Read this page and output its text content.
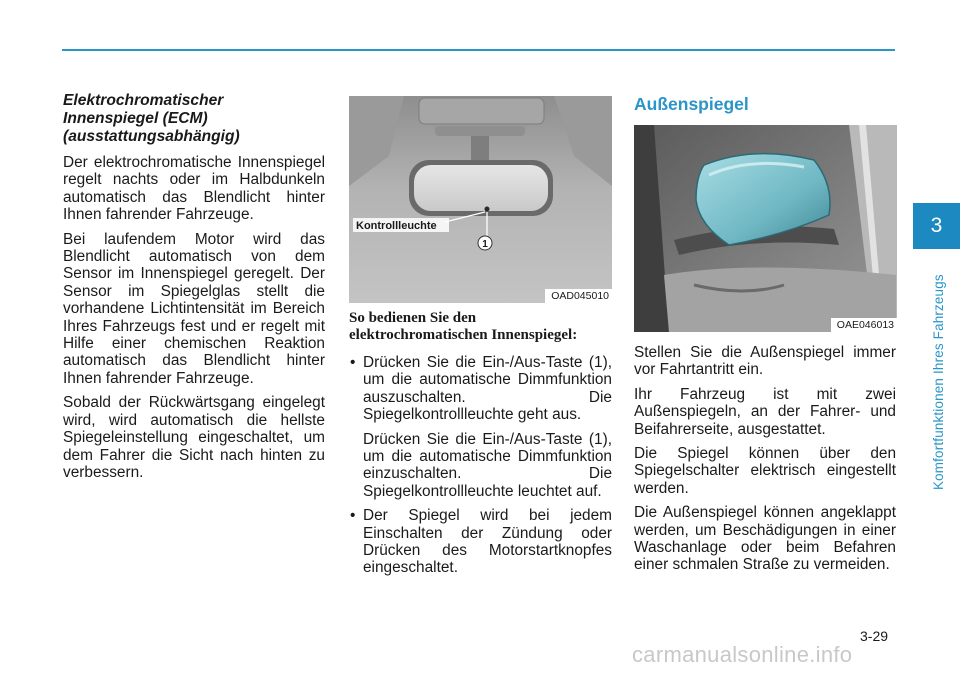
Elektrochromatischer
Innenspiegel (ECM)
(ausstattungsabhängig)

Der elektrochromatische Innenspiegel regelt nachts oder im Halbdunkeln automatisch das Blendlicht hinter Ihnen fahrender Fahrzeuge.

Bei laufendem Motor wird das Blendlicht automatisch von dem Sensor im Innenspiegel geregelt. Der Sensor im Spiegelglas stellt die vorhandene Lichtintensität im Bereich Ihres Fahrzeugs fest und er regelt mit Hilfe einer chemischen Reaktion automatisch das Blendlicht hinter Ihnen fahrender Fahrzeuge.

Sobald der Rückwärtsgang eingelegt wird, wird automatisch die hellste Spiegeleinstellung eingeschaltet, um dem Fahrer die Sicht nach hinten zu verbessern.

1
Kontrollleuchte
OAD045010
So bedienen Sie den
elektrochromatischen Innenspiegel:
• Drücken Sie die Ein-/Aus-Taste (1), um die automatische Dimmfunktion auszuschalten. Die Spiegelkontrollleuchte geht aus.
Drücken Sie die Ein-/Aus-Taste (1), um die automatische Dimmfunktion einzuschalten. Die Spiegelkontrollleuchte leuchtet auf.
• Der Spiegel wird bei jedem Einschalten der Zündung oder Drücken des Motorstartknopfes eingeschaltet.
Außenspiegel
OAE046013

Stellen Sie die Außenspiegel immer vor Fahrtantritt ein.

Ihr Fahrzeug ist mit zwei Außenspiegeln, an der Fahrer- und Beifahrerseite, ausgestattet.

Die Spiegel können über den Spiegelschalter elektrisch eingestellt werden.

Die Außenspiegel können angeklappt werden, um Beschädigungen in einer Waschanlage oder beim Befahren einer schmalen Straße zu vermeiden.

3
Komfortfunktionen Ihres Fahrzeugs
3-29
carmanualsonline.info
